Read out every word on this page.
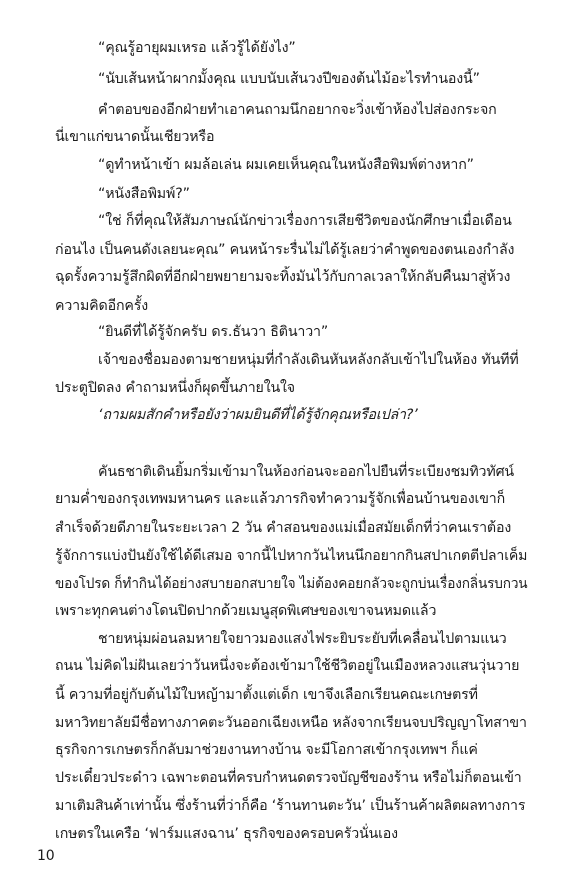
“คุณรู้อายุผมเหรอ แล้วรู้ได้ยังไง”
“นับเส้นหน้าผากมั้งคุณ แบบนับเส้นวงปีของต้นไม้อะไรทำนองนี้”
คำตอบของอีกฝ่ายทำเอาคนถามนึกอยากจะวิ่งเข้าห้องไปส่องกระจก
นี่เขาแก่ขนาดนั้นเชียวหรือ
“ดูทำหน้าเข้า ผมล้อเล่น ผมเคยเห็นคุณในหนังสือพิมพ์ต่างหาก”
“หนังสือพิมพ์?”
“ใช่ ก็ที่คุณให้สัมภาษณ์นักข่าวเรื่องการเสียชีวิตของนักศึกษาเมื่อเดือน
ก่อนไง เป็นคนดังเลยนะคุณ” คนหน้าระรื่นไม่ได้รู้เลยว่าคำพูดของตนเองกำลัง
ฉุดรั้งความรู้สึกผิดที่อีกฝ่ายพยายามจะทิ้งมันไว้กับกาลเวลาให้กลับคืนมาสู่ห้วง
ความคิดอีกครั้ง
“ยินดีที่ได้รู้จักครับ ดร.ธันวา ธิตินาวา”
เจ้าของชื่อมองตามชายหนุ่มที่กำลังเดินหันหลังกลับเข้าไปในห้อง ทันทีที่
ประตูปิดลง คำถามหนึ่งก็ผุดขึ้นภายในใจ
‘ถามผมสักคำหรือยังว่าผมยินดีที่ได้รู้จักคุณหรือเปล่า?’
คันธชาติเดินยิ้มกริ่มเข้ามาในห้องก่อนจะออกไปยืนที่ระเบียงชมทิวทัศน์
ยามค่ำของกรุงเทพมหานคร และแล้วภารกิจทำความรู้จักเพื่อนบ้านของเขาก็
สำเร็จด้วยดีภายในระยะเวลา 2 วัน คำสอนของแม่เมื่อสมัยเด็กที่ว่าคนเราต้อง
รู้จักการแบ่งปันยังใช้ได้ดีเสมอ จากนี้ไปหากวันไหนนึกอยากกินสปาเกตตีปลาเค็ม
ของโปรด ก็ทำกินได้อย่างสบายอกสบายใจ ไม่ต้องคอยกลัวจะถูกบ่นเรื่องกลิ่นรบกวน
เพราะทุกคนต่างโดนปิดปากด้วยเมนูสุดพิเศษของเขาจนหมดแล้ว
ชายหนุ่มผ่อนลมหายใจยาวมองแสงไฟระยิบระยับที่เคลื่อนไปตามแนว
ถนน ไม่คิดไม่ฝันเลยว่าวันหนึ่งจะต้องเข้ามาใช้ชีวิตอยู่ในเมืองหลวงแสนวุ่นวาย
นี้ ความที่อยู่กับต้นไม้ใบหญ้ามาตั้งแต่เด็ก เขาจึงเลือกเรียนคณะเกษตรที่
มหาวิทยาลัยมีชื่อทางภาคตะวันออกเฉียงเหนือ หลังจากเรียนจบปริญญาโทสาขา
ธุรกิจการเกษตรก็กลับมาช่วยงานทางบ้าน จะมีโอกาสเข้ากรุงเทพฯ ก็แค่
ประเดี๋ยวประด๋าว เฉพาะตอนที่ครบกำหนดตรวจบัญชีของร้าน หรือไม่ก็ตอนเข้า
มาเติมสินค้าเท่านั้น ซึ่งร้านที่ว่าก็คือ ‘ร้านทานตะวัน’ เป็นร้านค้าผลิตผลทางการ
เกษตรในเครือ ‘ฟาร์มแสงฉาน’ ธุรกิจของครอบครัวนั่นเอง
10
